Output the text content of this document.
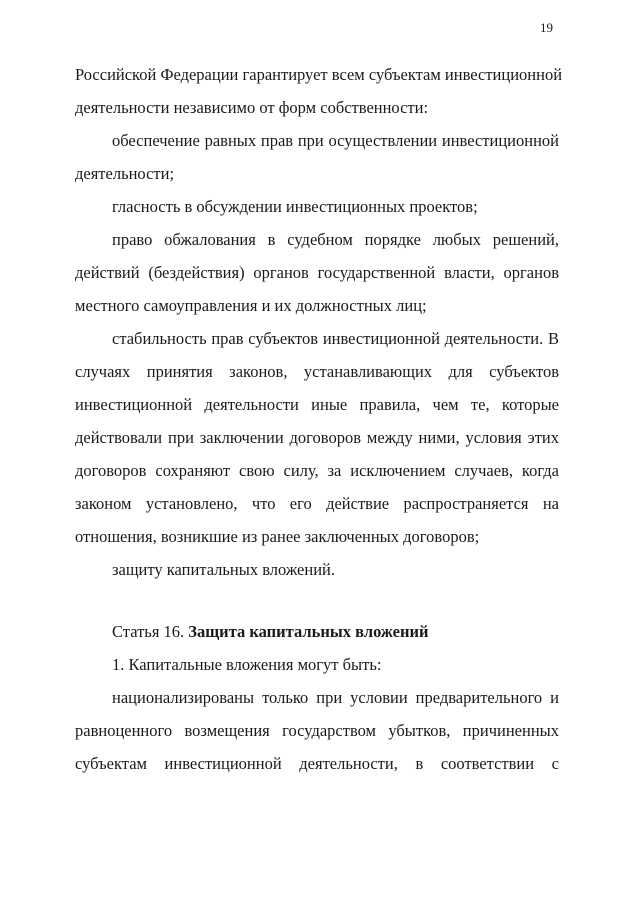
19
Российской Федерации гарантирует всем субъектам инвестиционной
деятельности независимо от форм собственности:
обеспечение равных прав при осуществлении инвестиционной
деятельности;
гласность в обсуждении инвестиционных проектов;
право обжалования в судебном порядке любых решений,
действий (бездействия) органов государственной власти, органов
местного самоуправления и их должностных лиц;
стабильность прав субъектов инвестиционной деятельности. В
случаях принятия законов, устанавливающих для субъектов
инвестиционной деятельности иные правила, чем те, которые
действовали при заключении договоров между ними, условия этих
договоров сохраняют свою силу, за исключением случаев, когда
законом установлено, что его действие распространяется на
отношения, возникшие из ранее заключенных договоров;
защиту капитальных вложений.
Статья 16. Защита капитальных вложений
1. Капитальные вложения могут быть:
национализированы только при условии предварительного и
равноценного возмещения государством убытков, причиненных
субъектам инвестиционной деятельности, в соответствии с
